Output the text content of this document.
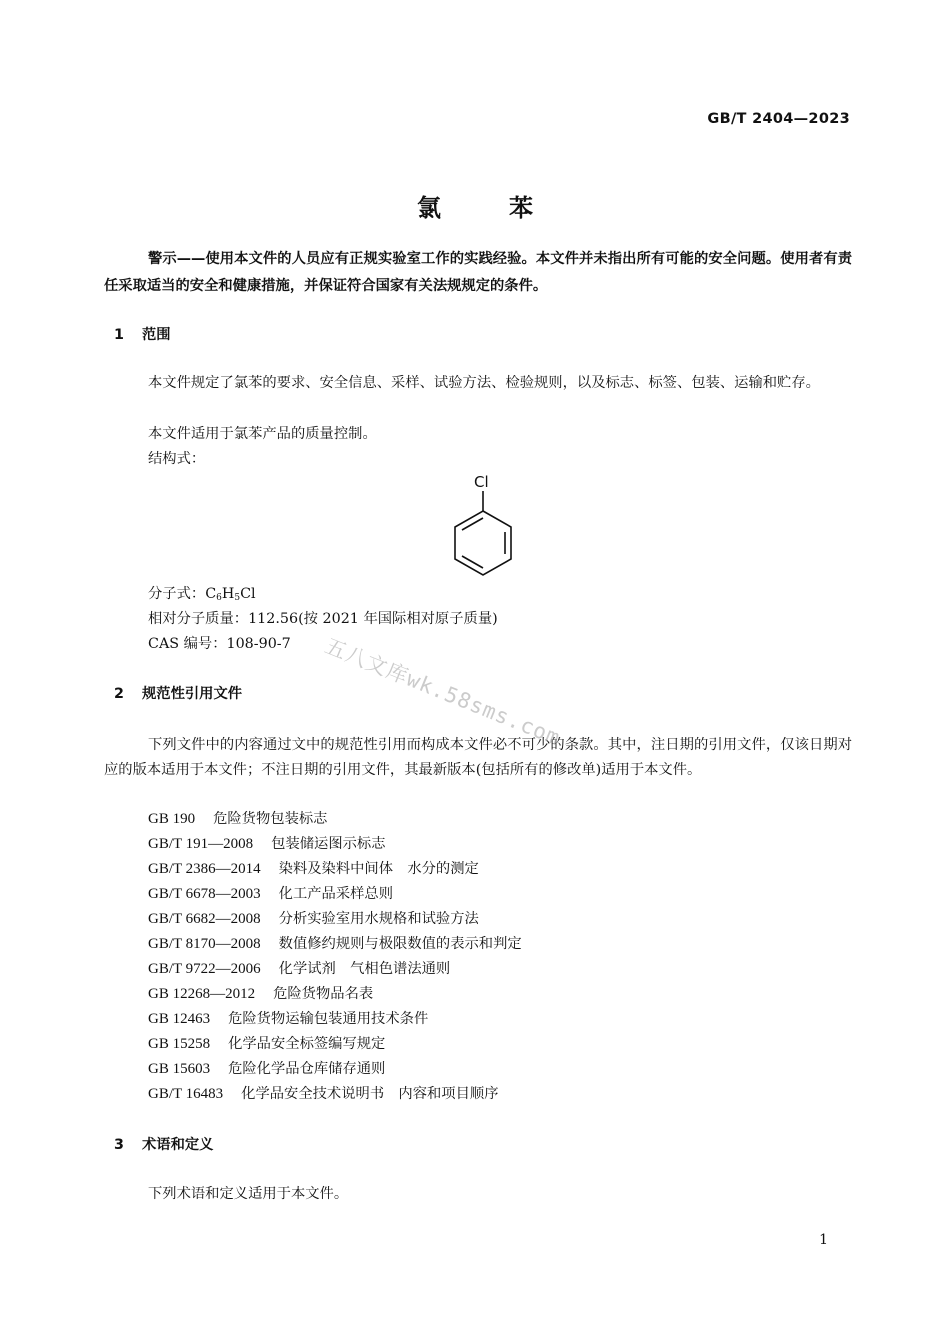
GB/T 2404—2023
氯	苯
警示——使用本文件的人员应有正规实验室工作的实践经验。本文件并未指出所有可能的安全问题。使用者有责任采取适当的安全和健康措施，并保证符合国家有关法规规定的条件。
1 范围
本文件规定了氯苯的要求、安全信息、采样、试验方法、检验规则，以及标志、标签、包装、运输和贮存。
本文件适用于氯苯产品的质量控制。
结构式：
Cl
分子式：$C_6H_5Cl$
相对分子质量：112.56(按 2021 年国际相对原子质量)
CAS 编号：108-90-7
2 规范性引用文件
下列文件中的内容通过文中的规范性引用而构成本文件必不可少的条款。其中，注日期的引用文件，仅该日期对应的版本适用于本文件；不注日期的引用文件，其最新版本(包括所有的修改单)适用于本文件。
GB 190 危险货物包装标志
GB/T 191—2008 包装储运图示标志
GB/T 2386—2014 染料及染料中间体　水分的测定
GB/T 6678—2003 化工产品采样总则
GB/T 6682—2008 分析实验室用水规格和试验方法
GB/T 8170—2008 数值修约规则与极限数值的表示和判定
GB/T 9722—2006 化学试剂　气相色谱法通则
GB 12463 危险货物运输包装通用技术条件
GB 12268—2012 危险货物品名表
GB 15258 化学品安全标签编写规定
GB 15603 危险化学品仓库储存通则
GB/T 16483 化学品安全技术说明书　内容和项目顺序
3 术语和定义
下列术语和定义适用于本文件。
五八文库wk.58sms.com
1
